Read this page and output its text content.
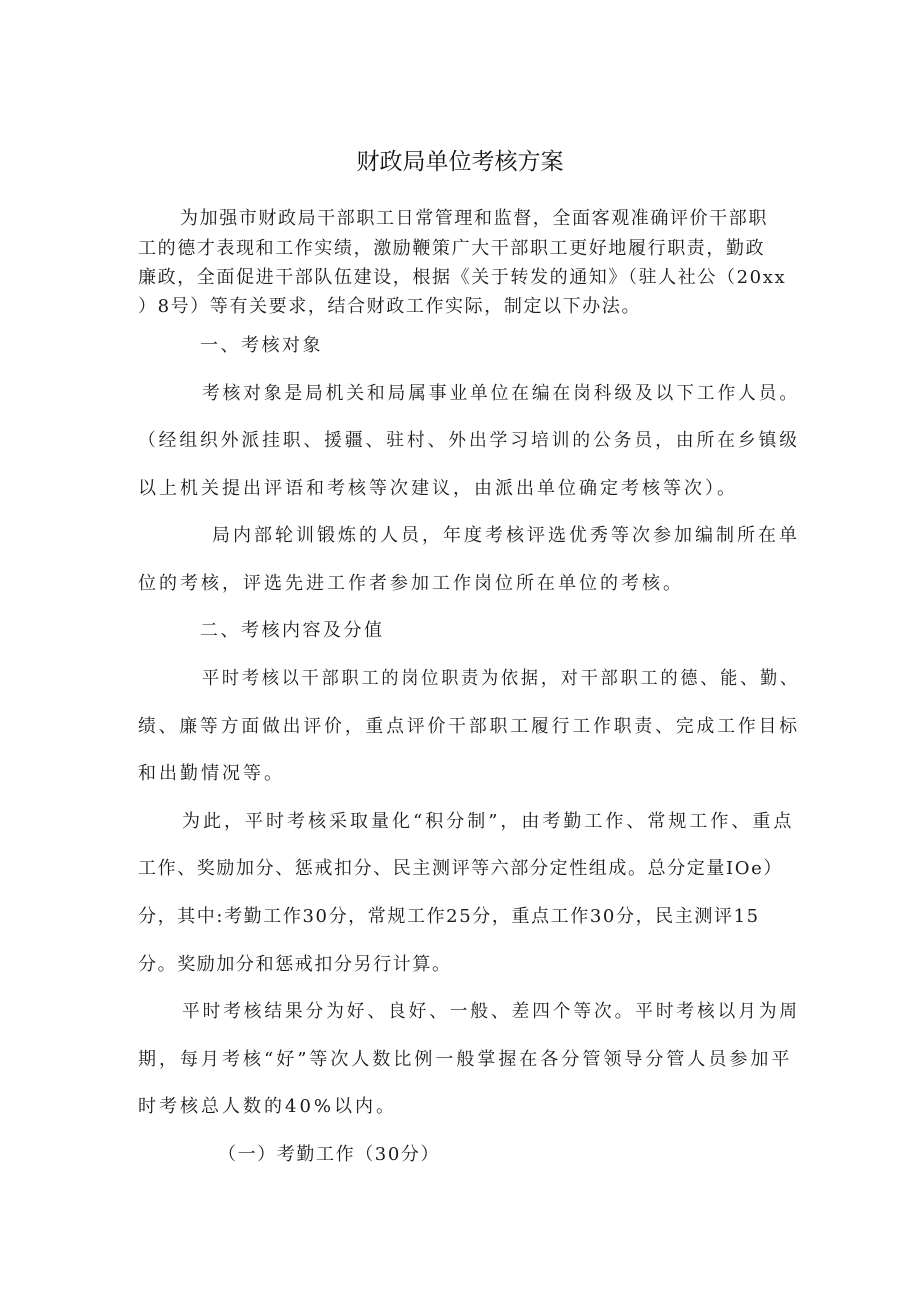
财政局单位考核方案
为加强市财政局干部职工日常管理和监督，全面客观准确评价干部职
工的德才表现和工作实绩，激励鞭策广大干部职工更好地履行职责，勤政
廉政，全面促进干部队伍建设，根据《关于转发的通知》（驻人社公（20xx
）8号）等有关要求，结合财政工作实际，制定以下办法。
一、考核对象
考核对象是局机关和局属事业单位在编在岗科级及以下工作人员。
（经组织外派挂职、援疆、驻村、外出学习培训的公务员，由所在乡镇级
以上机关提出评语和考核等次建议，由派出单位确定考核等次）。
局内部轮训锻炼的人员，年度考核评选优秀等次参加编制所在单
位的考核，评选先进工作者参加工作岗位所在单位的考核。
二、考核内容及分值
平时考核以干部职工的岗位职责为依据，对干部职工的德、能、勤、
绩、廉等方面做出评价，重点评价干部职工履行工作职责、完成工作目标
和出勤情况等。
为此，平时考核采取量化“积分制”，由考勤工作、常规工作、重点
工作、奖励加分、惩戒扣分、民主测评等六部分定性组成。总分定量IOe）
分，其中:考勤工作30分，常规工作25分，重点工作30分，民主测评15
分。奖励加分和惩戒扣分另行计算。
平时考核结果分为好、良好、一般、差四个等次。平时考核以月为周
期，每月考核“好”等次人数比例一般掌握在各分管领导分管人员参加平
时考核总人数的40%以内。
（一）考勤工作（30分）
